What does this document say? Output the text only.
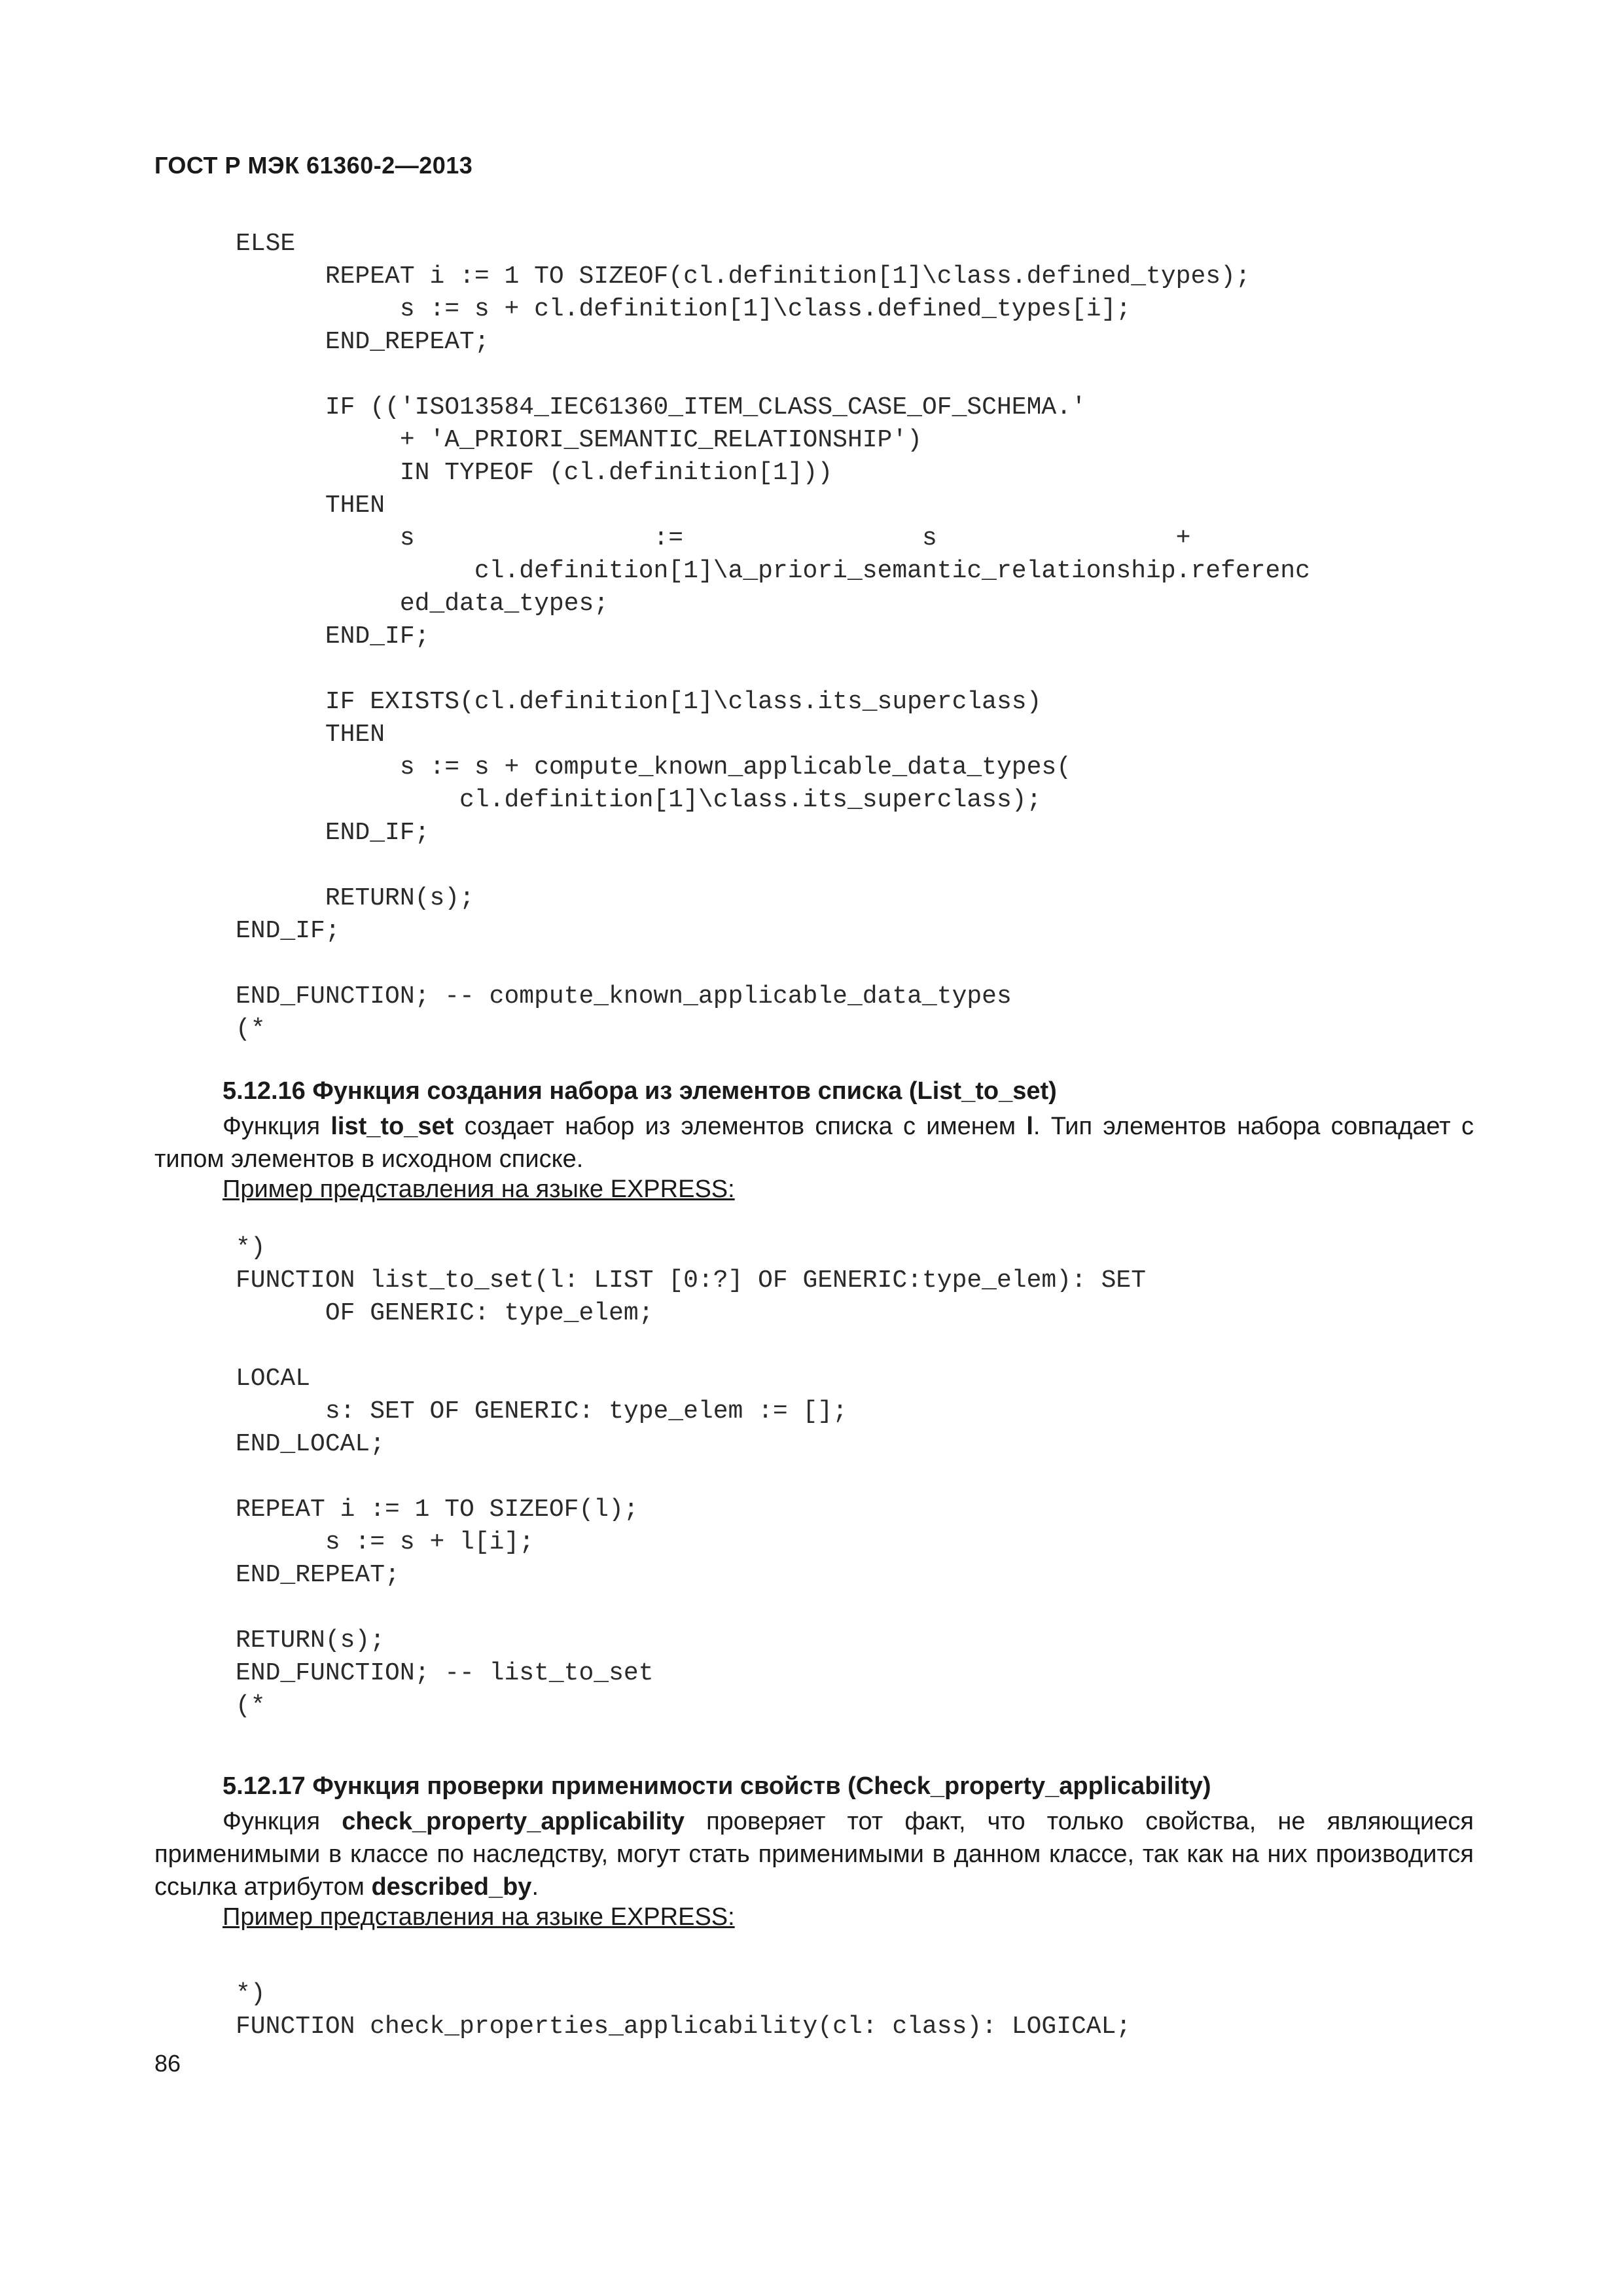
ГОСТ Р МЭК 61360-2—2013
ELSE
REPEAT i := 1 TO SIZEOF(cl.definition[1]\class.defined_types);
s := s + cl.definition[1]\class.defined_types[i];
END_REPEAT;

IF (('ISO13584_IEC61360_ITEM_CLASS_CASE_OF_SCHEMA.'
+ 'A_PRIORI_SEMANTIC_RELATIONSHIP')
IN TYPEOF (cl.definition[1]))
THEN
s                :=                s                +
cl.definition[1]\a_priori_semantic_relationship.referenc
ed_data_types;
END_IF;

IF EXISTS(cl.definition[1]\class.its_superclass)
THEN
s := s + compute_known_applicable_data_types(
cl.definition[1]\class.its_superclass);
END_IF;

RETURN(s);
END_IF;

END_FUNCTION; -- compute_known_applicable_data_types
(*
5.12.16 Функция создания набора из элементов списка (List_to_set)
Функция list_to_set создает набор из элементов списка с именем l. Тип элементов набора совпадает с типом элементов в исходном списке.
Пример представления на языке EXPRESS:
*)
FUNCTION list_to_set(l: LIST [0:?] OF GENERIC:type_elem): SET
OF GENERIC: type_elem;

LOCAL
s: SET OF GENERIC: type_elem := [];
END_LOCAL;

REPEAT i := 1 TO SIZEOF(l);
s := s + l[i];
END_REPEAT;

RETURN(s);
END_FUNCTION; -- list_to_set
(*
5.12.17 Функция проверки применимости свойств (Check_property_applicability)
Функция check_property_applicability проверяет тот факт, что только свойства, не являющиеся применимыми в классе по наследству, могут стать применимыми в данном классе, так как на них производится ссылка атрибутом described_by.
Пример представления на языке EXPRESS:
*)
FUNCTION check_properties_applicability(cl: class): LOGICAL;
86
